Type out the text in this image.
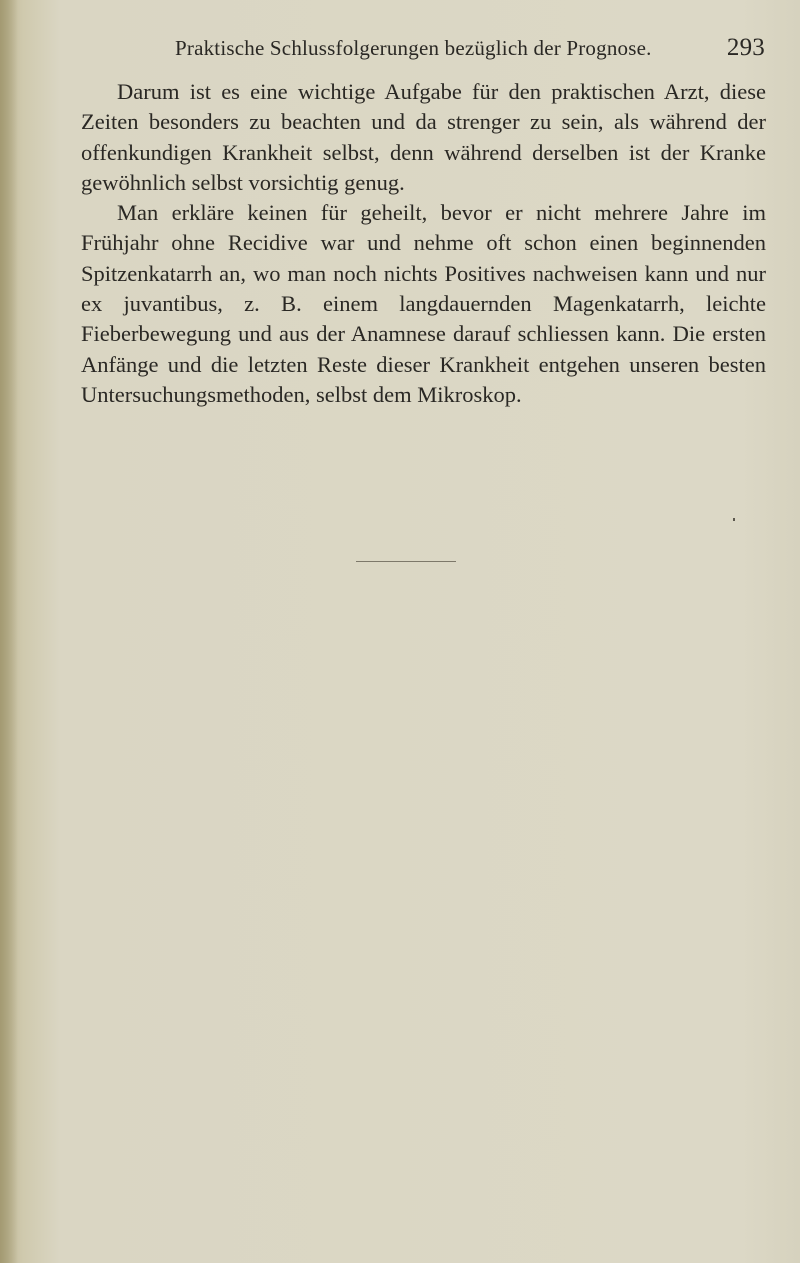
Praktische Schlussfolgerungen bezüglich der Prognose.	293

Darum ist es eine wichtige Aufgabe für den praktischen Arzt, diese Zeiten besonders zu beachten und da strenger zu sein, als während der offenkundigen Krankheit selbst, denn während derselben ist der Kranke gewöhnlich selbst vorsichtig genug.

Man erkläre keinen für geheilt, bevor er nicht mehrere Jahre im Frühjahr ohne Recidive war und nehme oft schon einen beginnenden Spitzenkatarrh an, wo man noch nichts Positives nachweisen kann und nur ex juvantibus, z. B. einem langdauernden Magenkatarrh, leichte Fieberbewegung und aus der Anamnese darauf schliessen kann. Die ersten Anfänge und die letzten Reste dieser Krankheit entgehen unseren besten Untersuchungsmethoden, selbst dem Mikroskop.
